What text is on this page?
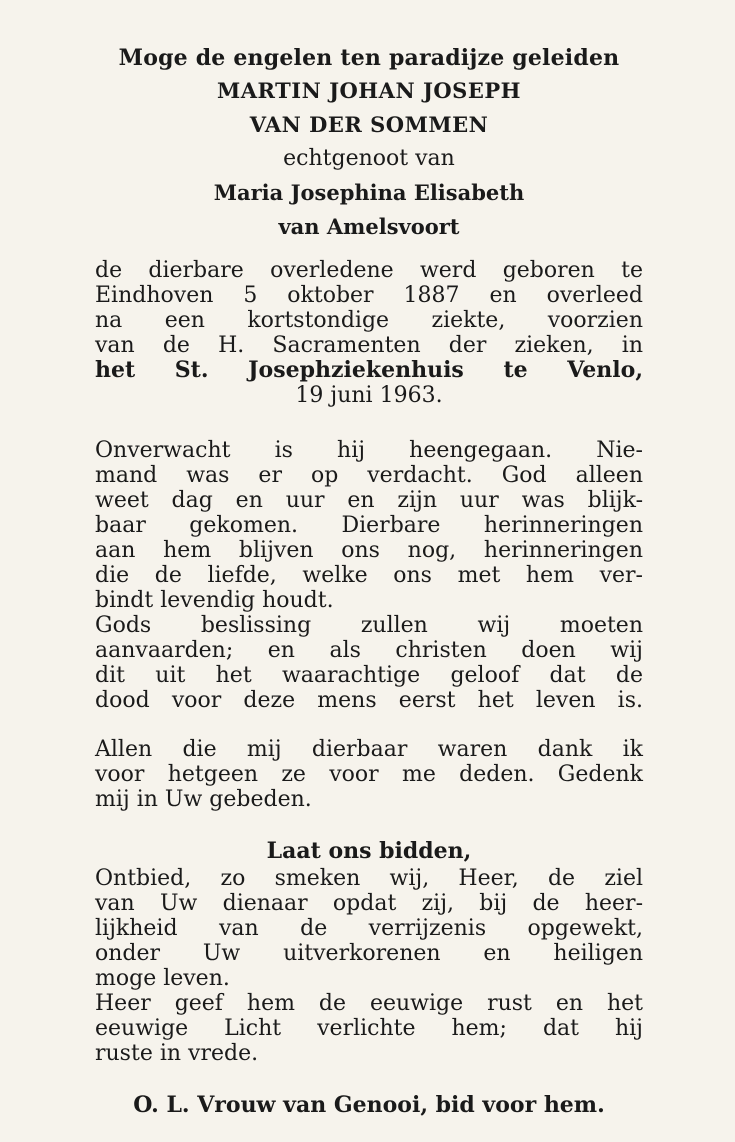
Moge de engelen ten paradijze geleiden
MARTIN JOHAN JOSEPH
VAN DER SOMMEN
echtgenoot van
Maria Josephina Elisabeth
van Amelsvoort
de dierbare overledene werd geboren te
Eindhoven 5 oktober 1887 en overleed
na een kortstondige ziekte, voorzien
van de H. Sacramenten der zieken, in
het St. Josephziekenhuis te Venlo,
19 juni 1963.
Onverwacht is hij heengegaan. Nie-
mand was er op verdacht. God alleen
weet dag en uur en zijn uur was blijk-
baar gekomen. Dierbare herinneringen
aan hem blijven ons nog, herinneringen
die de liefde, welke ons met hem ver-
bindt levendig houdt.
Gods beslissing zullen wij moeten
aanvaarden; en als christen doen wij
dit uit het waarachtige geloof dat de
dood voor deze mens eerst het leven is.
Allen die mij dierbaar waren dank ik
voor hetgeen ze voor me deden. Gedenk
mij in Uw gebeden.
Laat ons bidden,
Ontbied, zo smeken wij, Heer, de ziel
van Uw dienaar opdat zij, bij de heer-
lijkheid van de verrijzenis opgewekt,
onder Uw uitverkorenen en heiligen
moge leven.
Heer geef hem de eeuwige rust en het
eeuwige Licht verlichte hem; dat hij
ruste in vrede.
O. L. Vrouw van Genooi, bid voor hem.
